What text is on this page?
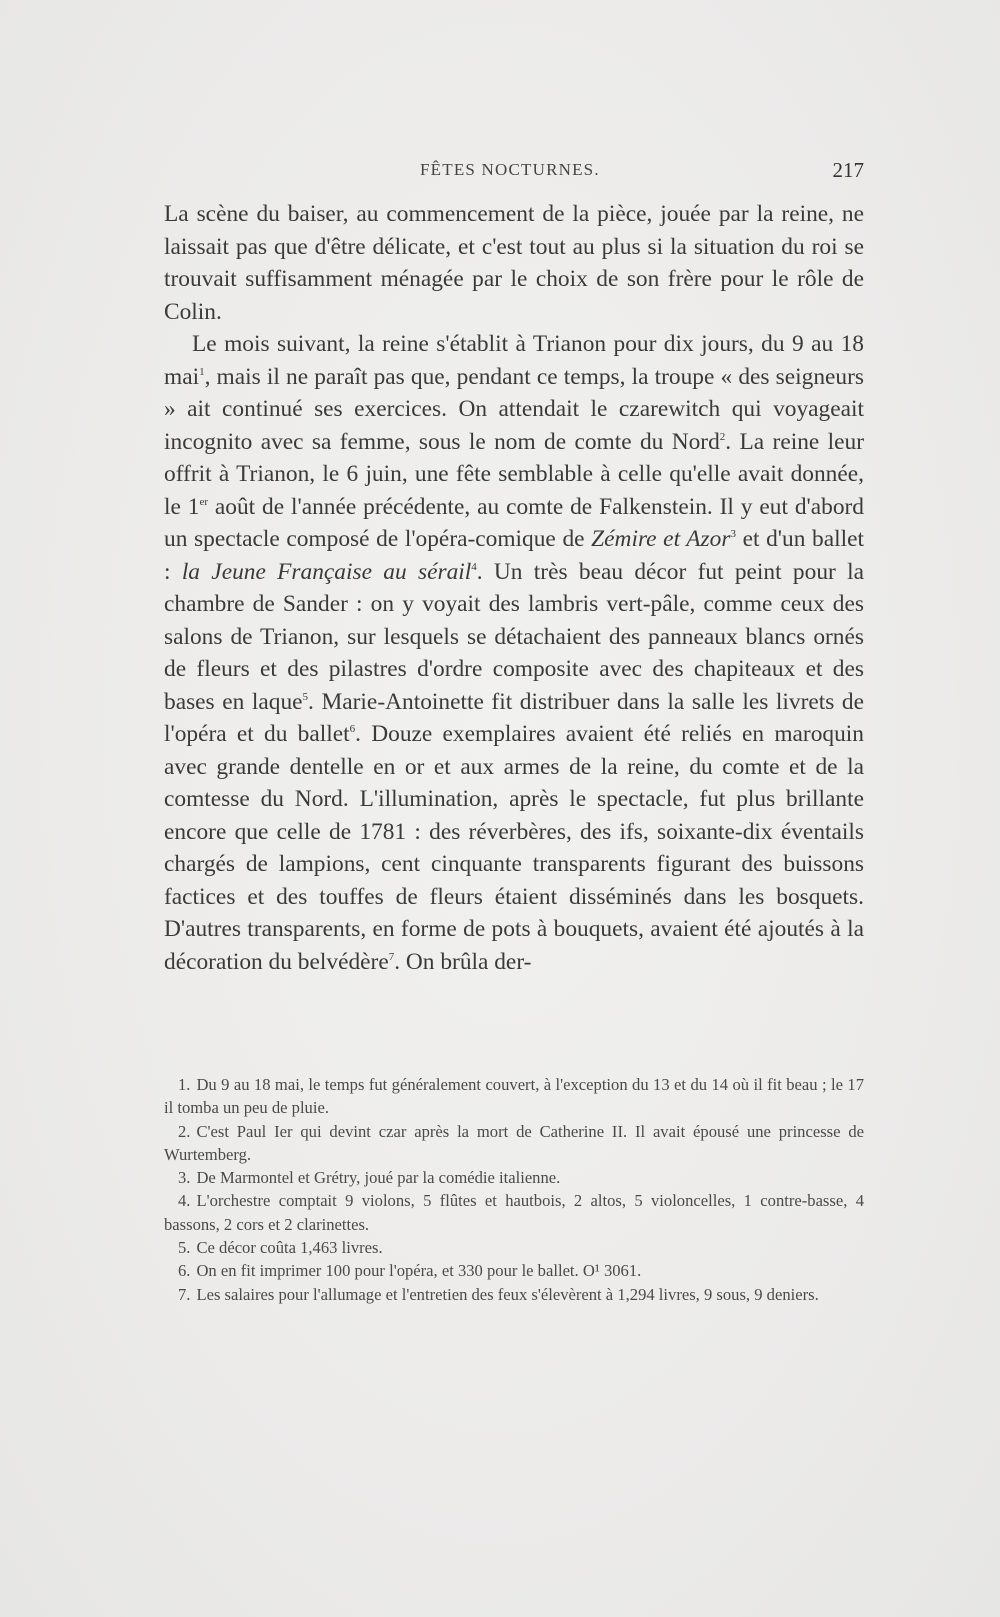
FÊTES NOCTURNES.	217

La scène du baiser, au commencement de la pièce, jouée par la reine, ne laissait pas que d'être délicate, et c'est tout au plus si la situation du roi se trouvait suffisamment ménagée par le choix de son frère pour le rôle de Colin.

Le mois suivant, la reine s'établit à Trianon pour dix jours, du 9 au 18 mai$^1$, mais il ne paraît pas que, pendant ce temps, la troupe « des seigneurs » ait continué ses exercices. On attendait le czarewitch qui voyageait incognito avec sa femme, sous le nom de comte du Nord$^2$. La reine leur offrit à Trianon, le 6 juin, une fête semblable à celle qu'elle avait donnée, le 1er août de l'année précédente, au comte de Falkenstein. Il y eut d'abord un spectacle composé de l'opéra-comique de Zémire et Azor$^3$ et d'un ballet : la Jeune Française au sérail$^4$. Un très beau décor fut peint pour la chambre de Sander : on y voyait des lambris vert-pâle, comme ceux des salons de Trianon, sur lesquels se détachaient des panneaux blancs ornés de fleurs et des pilastres d'ordre composite avec des chapiteaux et des bases en laque$^5$. Marie-Antoinette fit distribuer dans la salle les livrets de l'opéra et du ballet$^6$. Douze exemplaires avaient été reliés en maroquin avec grande dentelle en or et aux armes de la reine, du comte et de la comtesse du Nord. L'illumination, après le spectacle, fut plus brillante encore que celle de 1781 : des réverbères, des ifs, soixante-dix éventails chargés de lampions, cent cinquante transparents figurant des buissons factices et des touffes de fleurs étaient disséminés dans les bosquets. D'autres transparents, en forme de pots à bouquets, avaient été ajoutés à la décoration du belvédère$^7$. On brûla der-

1. Du 9 au 18 mai, le temps fut généralement couvert, à l'exception du 13 et du 14 où il fit beau ; le 17 il tomba un peu de pluie.

2. C'est Paul Ier qui devint czar après la mort de Catherine II. Il avait épousé une princesse de Wurtemberg.

3. De Marmontel et Grétry, joué par la comédie italienne.

4. L'orchestre comptait 9 violons, 5 flûtes et hautbois, 2 altos, 5 violoncelles, 1 contre-basse, 4 bassons, 2 cors et 2 clarinettes.

5. Ce décor coûta 1,463 livres.

6. On en fit imprimer 100 pour l'opéra, et 330 pour le ballet. O¹ 3061.

7. Les salaires pour l'allumage et l'entretien des feux s'élevèrent à 1,294 livres, 9 sous, 9 deniers.
